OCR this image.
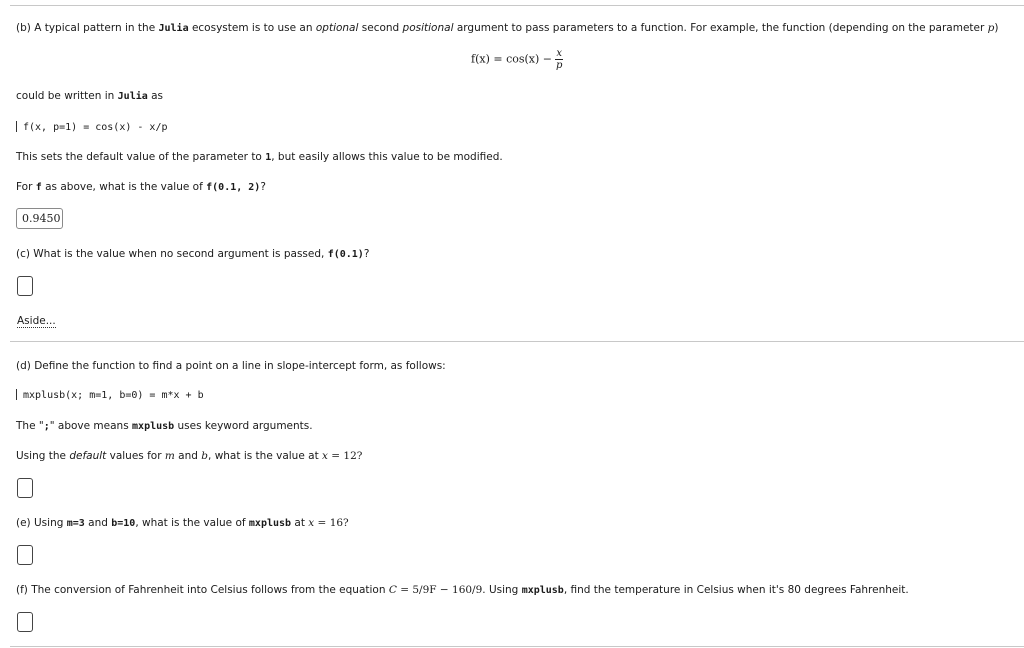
(b) A typical pattern in the Julia ecosystem is to use an optional second positional argument to pass parameters to a function. For example, the function (depending on the parameter p)
$f(x) = \cos(x) - \frac{x}{p}$
could be written in Julia as
f(x, p=1) = cos(x) - x/p
This sets the default value of the parameter to 1, but easily allows this value to be modified.
For f as above, what is the value of f(0.1, 2)?
0.9450
(c) What is the value when no second argument is passed, f(0.1)?
Aside...
(d) Define the function to find a point on a line in slope-intercept form, as follows:
mxplusb(x; m=1, b=0) = m*x + b
The ";" above means mxplusb uses keyword arguments.
Using the default values for m and b, what is the value at x = 12?
(e) Using m=3 and b=10, what is the value of mxplusb at x = 16?
(f) The conversion of Fahrenheit into Celsius follows from the equation C = 5/9F − 160/9. Using mxplusb, find the temperature in Celsius when it's 80 degrees Fahrenheit.
